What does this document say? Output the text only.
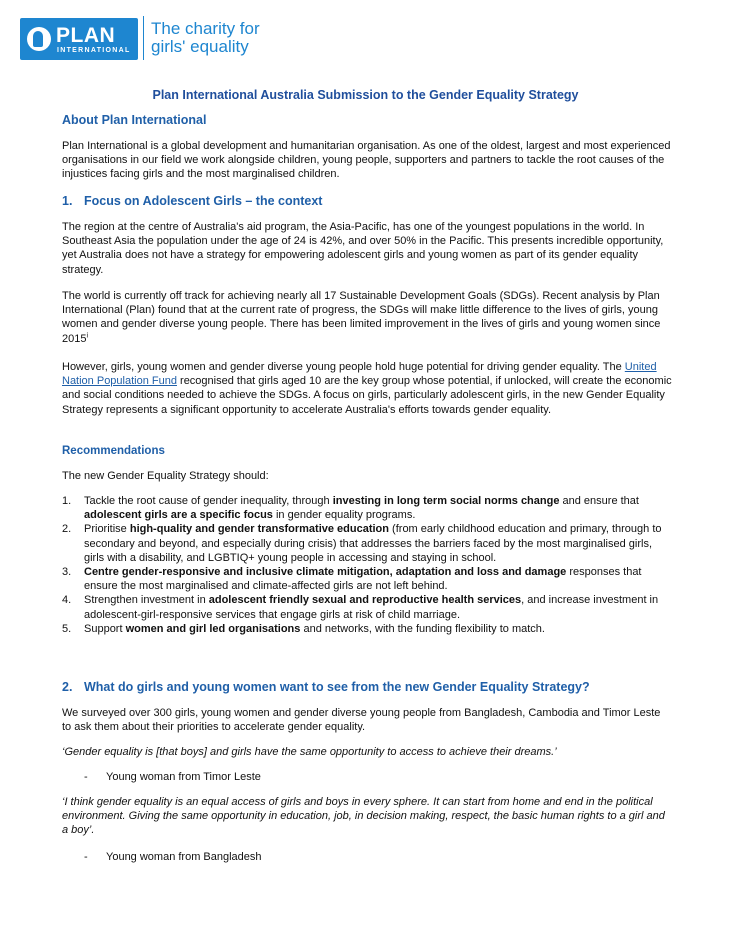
PLAN
INTERNATIONAL
The charity for
girls' equality
Plan International Australia Submission to the Gender Equality Strategy
About Plan International
Plan International is a global development and humanitarian organisation. As one of the oldest, largest and most experienced organisations in our field we work alongside children, young people, supporters and partners to tackle the root causes of the injustices facing girls and the most marginalised children.
1. Focus on Adolescent Girls – the context
The region at the centre of Australia's aid program, the Asia-Pacific, has one of the youngest populations in the world. In Southeast Asia the population under the age of 24 is 42%, and over 50% in the Pacific. This presents incredible opportunity, yet Australia does not have a strategy for empowering adolescent girls and young women as part of its gender equality strategy.
The world is currently off track for achieving nearly all 17 Sustainable Development Goals (SDGs). Recent analysis by Plan International (Plan) found that at the current rate of progress, the SDGs will make little difference to the lives of girls, young women and gender diverse young people. There has been limited improvement in the lives of girls and young women since 2015$^i$
However, girls, young women and gender diverse young people hold huge potential for driving gender equality. The United Nation Population Fund recognised that girls aged 10 are the key group whose potential, if unlocked, will create the economic and social conditions needed to achieve the SDGs. A focus on girls, particularly adolescent girls, in the new Gender Equality Strategy represents a significant opportunity to accelerate Australia's efforts towards gender equality.
Recommendations
The new Gender Equality Strategy should:
1. Tackle the root cause of gender inequality, through investing in long term social norms change and ensure that adolescent girls are a specific focus in gender equality programs.
2. Prioritise high-quality and gender transformative education (from early childhood education and primary, through to secondary and beyond, and especially during crisis) that addresses the barriers faced by the most marginalised girls, girls with a disability, and LGBTIQ+ young people in accessing and staying in school.
3. Centre gender-responsive and inclusive climate mitigation, adaptation and loss and damage responses that ensure the most marginalised and climate-affected girls are not left behind.
4. Strengthen investment in adolescent friendly sexual and reproductive health services, and increase investment in adolescent-girl-responsive services that engage girls at risk of child marriage.
5. Support women and girl led organisations and networks, with the funding flexibility to match.
2. What do girls and young women want to see from the new Gender Equality Strategy?
We surveyed over 300 girls, young women and gender diverse young people from Bangladesh, Cambodia and Timor Leste to ask them about their priorities to accelerate gender equality.
‘Gender equality is [that boys] and girls have the same opportunity to access to achieve their dreams.’
- Young woman from Timor Leste
‘I think gender equality is an equal access of girls and boys in every sphere. It can start from home and end in the political environment. Giving the same opportunity in education, job, in decision making, respect, the basic human rights to a girl and a boy’.
- Young woman from Bangladesh
